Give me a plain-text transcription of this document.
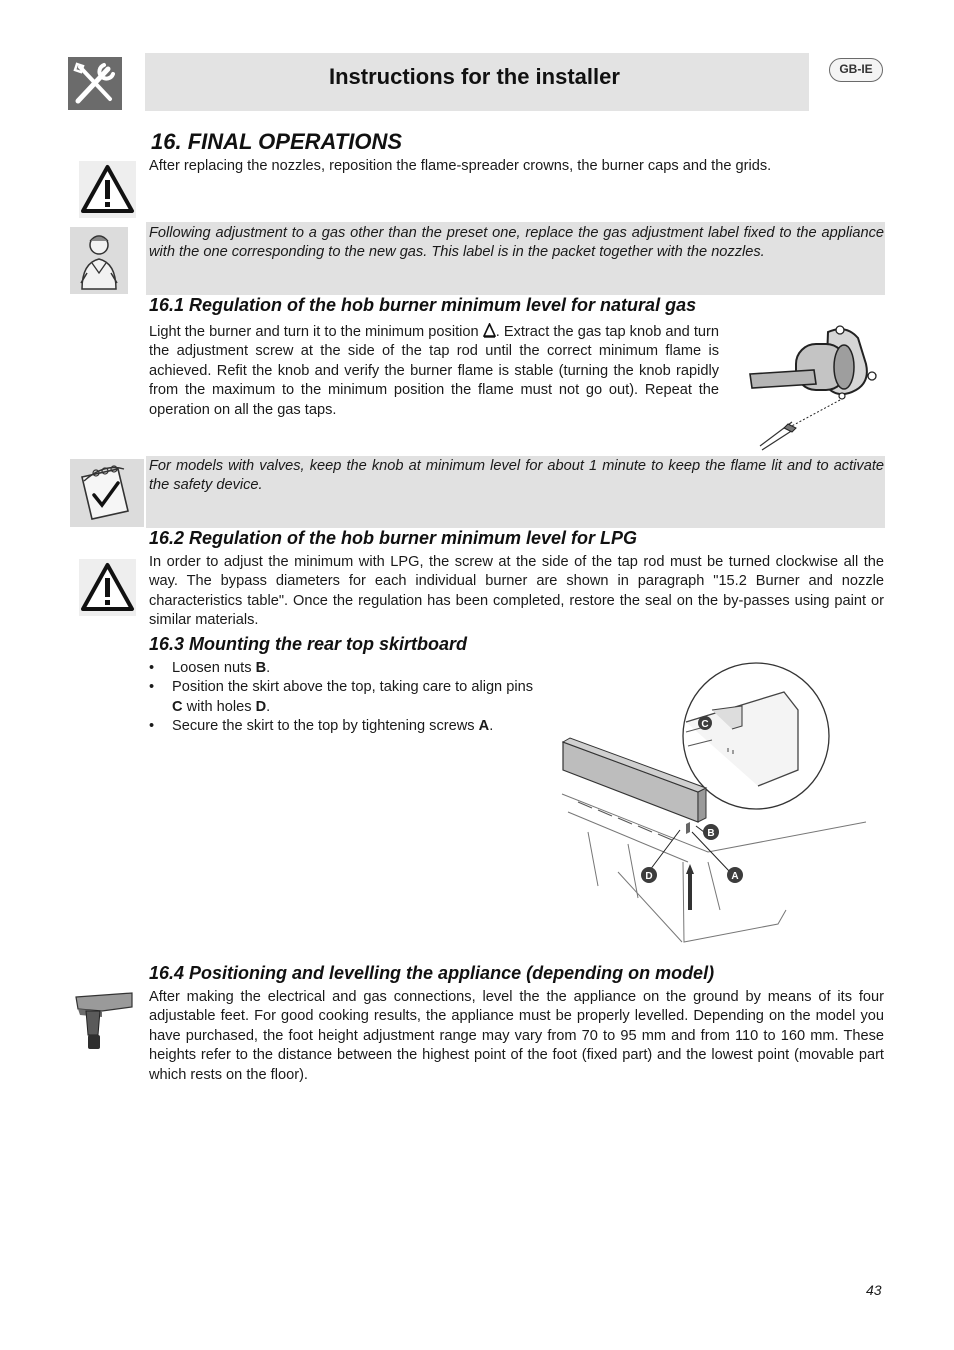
Instructions for the installer	GB-IE
16. FINAL OPERATIONS
After replacing the nozzles, reposition the flame-spreader crowns, the burner caps and the grids.
Following adjustment to a gas other than the preset one, replace the gas adjustment label fixed to the appliance with the one corresponding to the new gas. This label is in the packet together with the nozzles.
16.1 Regulation of the hob burner minimum level for natural gas
Light the burner and turn it to the minimum position . Extract the gas tap knob and turn the adjustment screw at the side of the tap rod until the correct minimum flame is achieved. Refit the knob and verify the burner flame is stable (turning the knob rapidly from the maximum to the minimum position the flame must not go out). Repeat the operation on all the gas taps.
For models with valves, keep the knob at minimum level for about 1 minute to keep the flame lit and to activate the safety device.
16.2 Regulation of the hob burner minimum level for LPG
In order to adjust the minimum with LPG, the screw at the side of the tap rod must be turned clockwise all the way. The bypass diameters for each individual burner are shown in paragraph "15.2 Burner and nozzle characteristics table". Once the regulation has been completed, restore the seal on the by-passes using paint or similar materials.
16.3 Mounting the rear top skirtboard
• Loosen nuts B.
• Position the skirt above the top, taking care to align pins C with holes D.
• Secure the skirt to the top by tightening screws A.	C
B
D	A
16.4 Positioning and levelling the appliance (depending on model)
After making the electrical and gas connections, level the the appliance on the ground by means of its four adjustable feet. For good cooking results, the appliance must be properly levelled. Depending on the model you have purchased, the foot height adjustment range may vary from 70 to 95 mm and from 110 to 160 mm. These heights refer to the distance between the highest point of the foot (fixed part) and the lowest point (movable part which rests on the floor).
43
